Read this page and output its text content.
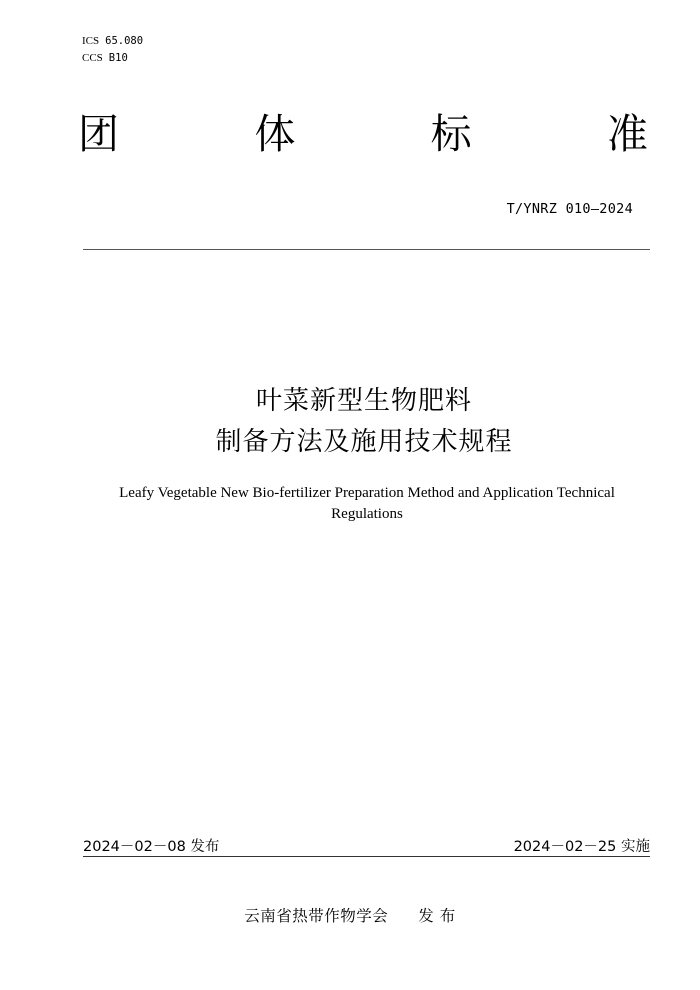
ICS 65.080
CCS B10
团	体	标	准
T/YNRZ 010—2024
叶菜新型生物肥料
制备方法及施用技术规程
Leafy Vegetable New Bio-fertilizer Preparation Method and Application Technical
Regulations
2024－02－08 发布	2024－02－25 实施
云南省热带作物学会 发 布
